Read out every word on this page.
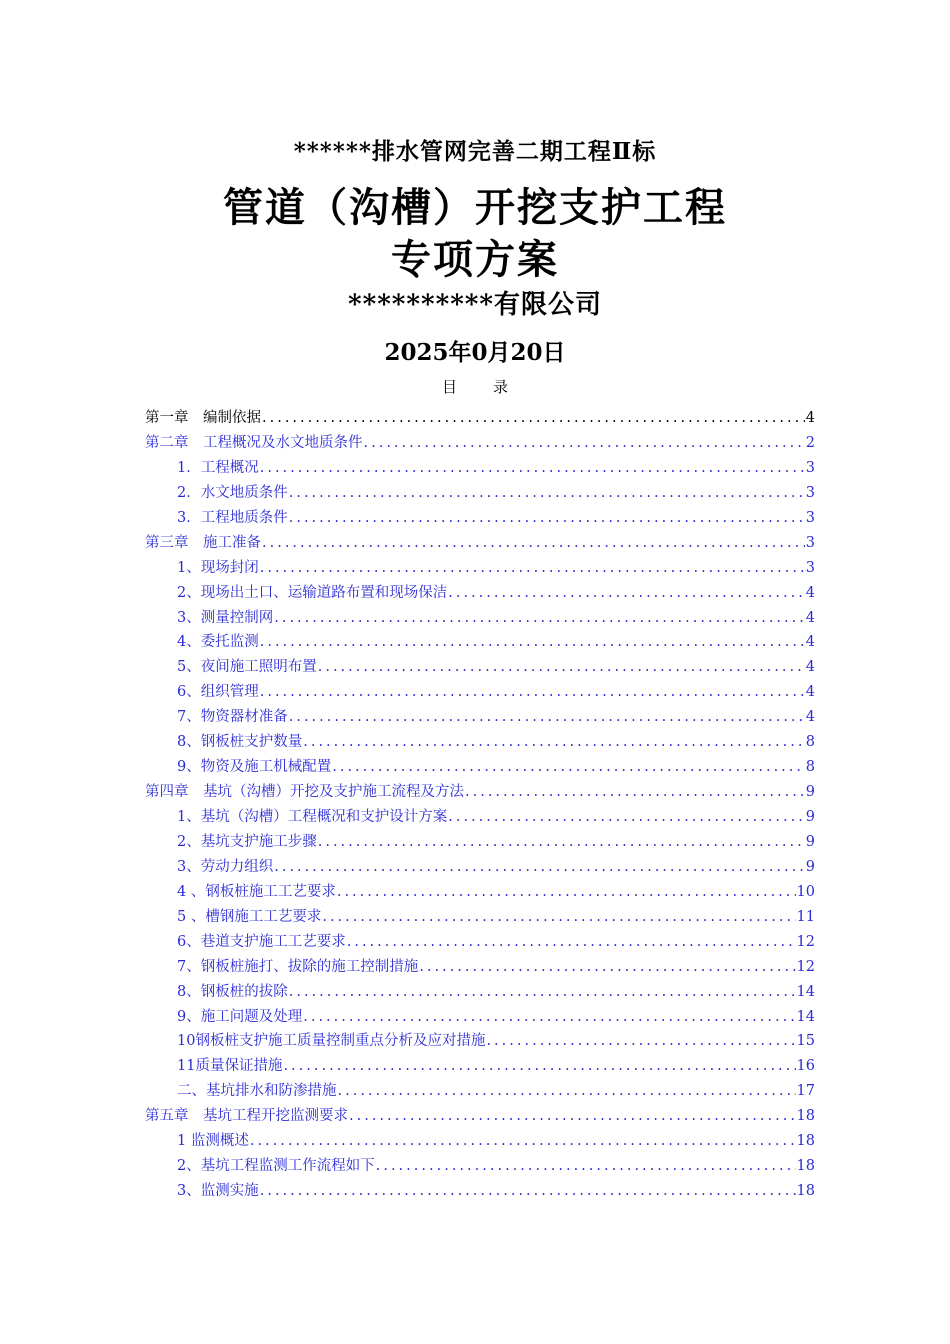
******排水管网完善二期工程Ⅱ标
管道（沟槽）开挖支护工程
专项方案
**********有限公司
2025年0月20日
目录
第一章　编制依据 .....	4
第二章　工程概况及水文地质条件 .....	2
1．工程概况 .....	3
2．水文地质条件 .....	3
3．工程地质条件 .....	3
第三章　施工准备 .....	3
1、现场封闭 .....	3
2、现场出土口、运输道路布置和现场保洁 .....	4
3、测量控制网 .....	4
4、委托监测 .....	4
5、夜间施工照明布置 .....	4
6、组织管理 .....	4
7、物资器材准备 .....	4
8、钢板桩支护数量 .....	8
9、物资及施工机械配置 .....	8
第四章　基坑（沟槽）开挖及支护施工流程及方法 .....	9
1、基坑（沟槽）工程概况和支护设计方案 .....	9
2、基坑支护施工步骤 .....	9
3、劳动力组织 .....	9
4 、钢板桩施工工艺要求 .....	10
5 、槽钢施工工艺要求 .....	11
6、巷道支护施工工艺要求 .....	12
7、钢板桩施打、拔除的施工控制措施 .....	12
8、钢板桩的拔除 .....	14
9、施工问题及处理 .....	14
10钢板桩支护施工质量控制重点分析及应对措施 .....	15
11质量保证措施 .....	16
二、基坑排水和防渗措施 .....	17
第五章　基坑工程开挖监测要求 .....	18
1 监测概述 .....	18
2、基坑工程监测工作流程如下 .....	18
3、监测实施 .....	18
